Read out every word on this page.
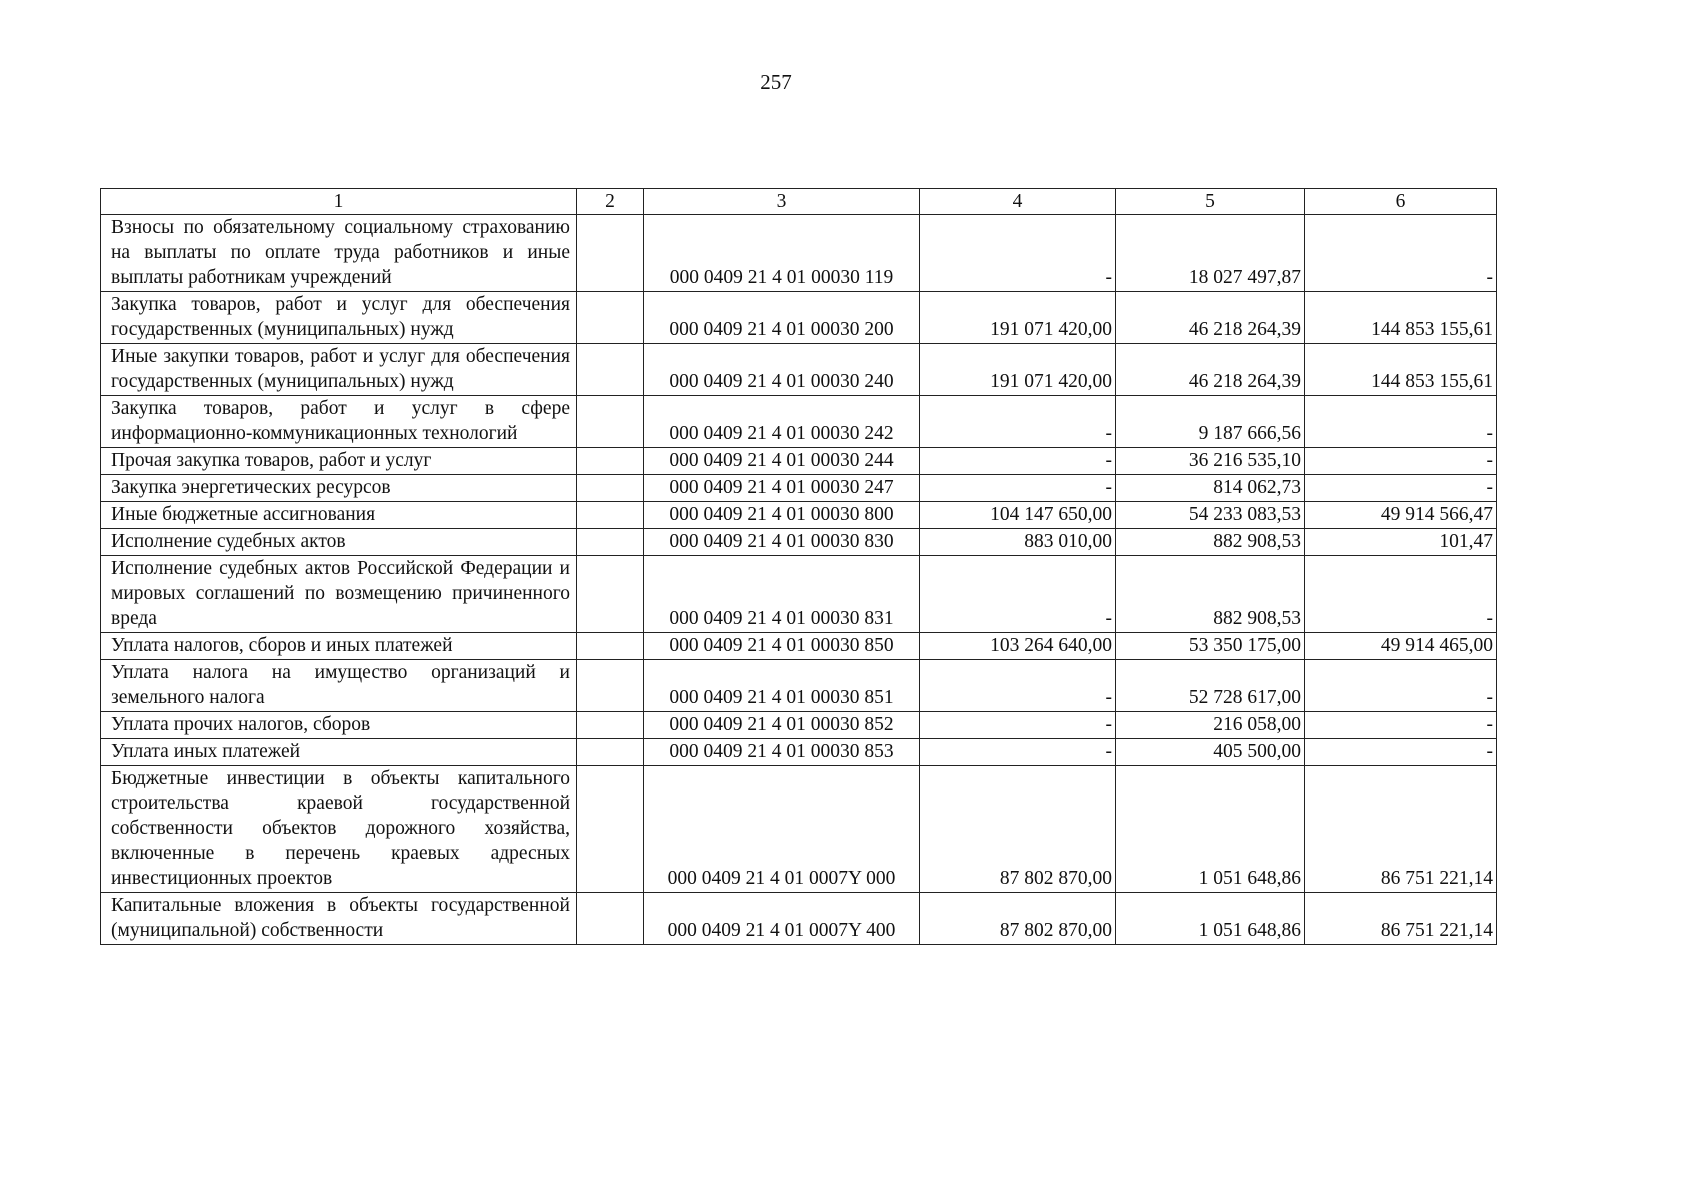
257
1	2	3	4	5	6
Взносы по обязательному социальному страхованию на выплаты по оплате труда работников и иные выплаты работникам учреждений		000 0409 21 4 01 00030 119	-	18 027 497,87	-
Закупка товаров, работ и услуг для обеспечения государственных (муниципальных) нужд		000 0409 21 4 01 00030 200	191 071 420,00	46 218 264,39	144 853 155,61
Иные закупки товаров, работ и услуг для обеспечения государственных (муниципальных) нужд		000 0409 21 4 01 00030 240	191 071 420,00	46 218 264,39	144 853 155,61
Закупка товаров, работ и услуг в сфере информационно-коммуникационных технологий		000 0409 21 4 01 00030 242	-	9 187 666,56	-
Прочая закупка товаров, работ и услуг		000 0409 21 4 01 00030 244	-	36 216 535,10	-
Закупка энергетических ресурсов		000 0409 21 4 01 00030 247	-	814 062,73	-
Иные бюджетные ассигнования		000 0409 21 4 01 00030 800	104 147 650,00	54 233 083,53	49 914 566,47
Исполнение судебных актов		000 0409 21 4 01 00030 830	883 010,00	882 908,53	101,47
Исполнение судебных актов Российской Федерации и мировых соглашений по возмещению причиненного вреда		000 0409 21 4 01 00030 831	-	882 908,53	-
Уплата налогов, сборов и иных платежей		000 0409 21 4 01 00030 850	103 264 640,00	53 350 175,00	49 914 465,00
Уплата налога на имущество организаций и земельного налога		000 0409 21 4 01 00030 851	-	52 728 617,00	-
Уплата прочих налогов, сборов		000 0409 21 4 01 00030 852	-	216 058,00	-
Уплата иных платежей		000 0409 21 4 01 00030 853	-	405 500,00	-
Бюджетные инвестиции в объекты капитального строительства краевой государственной собственности объектов дорожного хозяйства, включенные в перечень краевых адресных инвестиционных проектов		000 0409 21 4 01 0007Y 000	87 802 870,00	1 051 648,86	86 751 221,14
Капитальные вложения в объекты государственной (муниципальной) собственности		000 0409 21 4 01 0007Y 400	87 802 870,00	1 051 648,86	86 751 221,14
